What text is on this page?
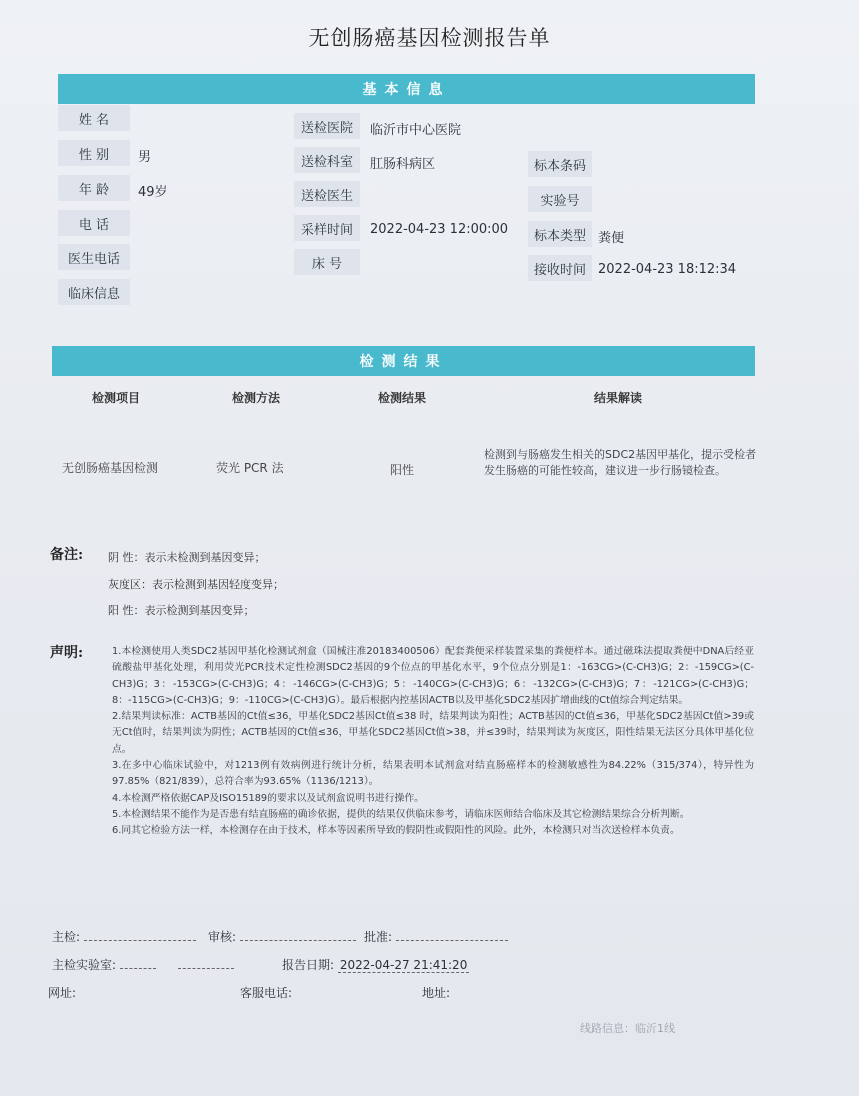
无创肠癌基因检测报告单
基本信息
姓 名
性 别	男
年 龄	49岁
电 话
医生电话
临床信息
送检医院	临沂市中心医院
送检科室	肛肠科病区
送检医生
采样时间	2022-04-23 12:00:00
床 号
标本条码
实验号
标本类型 粪便
接收时间 2022-04-23 18:12:34
检测结果
检测项目	检测方法	检测结果	结果解读
无创肠癌基因检测	荧光 PCR 法	阳性
检测到与肠癌发生相关的SDC2基因甲基化，提示受检者发生肠癌的可能性较高，建议进一步行肠镜检查。
备注: 阴 性：表示未检测到基因变异；
灰度区：表示检测到基因轻度变异；
阳 性：表示检测到基因变异；
声明:	1.本检测使用人类SDC2基因甲基化检测试剂盒（国械注准20183400506）配套粪便采样装置采集的粪便样本。通过磁珠法提取粪便中DNA后经亚硫酸盐甲基化处理，利用荧光PCR技术定性检测SDC2基因的9个位点的甲基化水平，9个位点分别是1：-163CG>(C-CH3)G；2：-159CG>(C-CH3)G；3：-153CG>(C-CH3)G；4：-146CG>(C-CH3)G；5：-140CG>(C-CH3)G；6：-132CG>(C-CH3)G；7：-121CG>(C-CH3)G；8：-115CG>(C-CH3)G；9：-110CG>(C-CH3)G）。最后根据内控基因ACTB以及甲基化SDC2基因扩增曲线的Ct值综合判定结果。

2.结果判读标准：ACTB基因的Ct值≤36，甲基化SDC2基因Ct值≤38 时，结果判读为阳性；ACTB基因的Ct值≤36，甲基化SDC2基因Ct值>39或无Ct值时，结果判读为阴性；ACTB基因的Ct值≤36，甲基化SDC2基因Ct值>38，并≤39时，结果判读为灰度区，阳性结果无法区分具体甲基化位点。

3.在多中心临床试验中，对1213例有效病例进行统计分析，结果表明本试剂盒对结直肠癌样本的检测敏感性为84.22%（315/374），特异性为97.85%（821/839），总符合率为93.65%（1136/1213）。

4.本检测严格依据CAP及ISO15189的要求以及试剂盒说明书进行操作。

5.本检测结果不能作为是否患有结直肠癌的确诊依据，提供的结果仅供临床参考，请临床医师结合临床及其它检测结果综合分析判断。

6.同其它检验方法一样，本检测存在由于技术，样本等因素所导致的假阴性或假阳性的风险。此外，本检测只对当次送检样本负责。

主检:	审核:	批准:
主检实验室:	报告日期: 2022-04-27 21:41:20
网址:	客服电话:	地址:
线路信息：临沂1线
